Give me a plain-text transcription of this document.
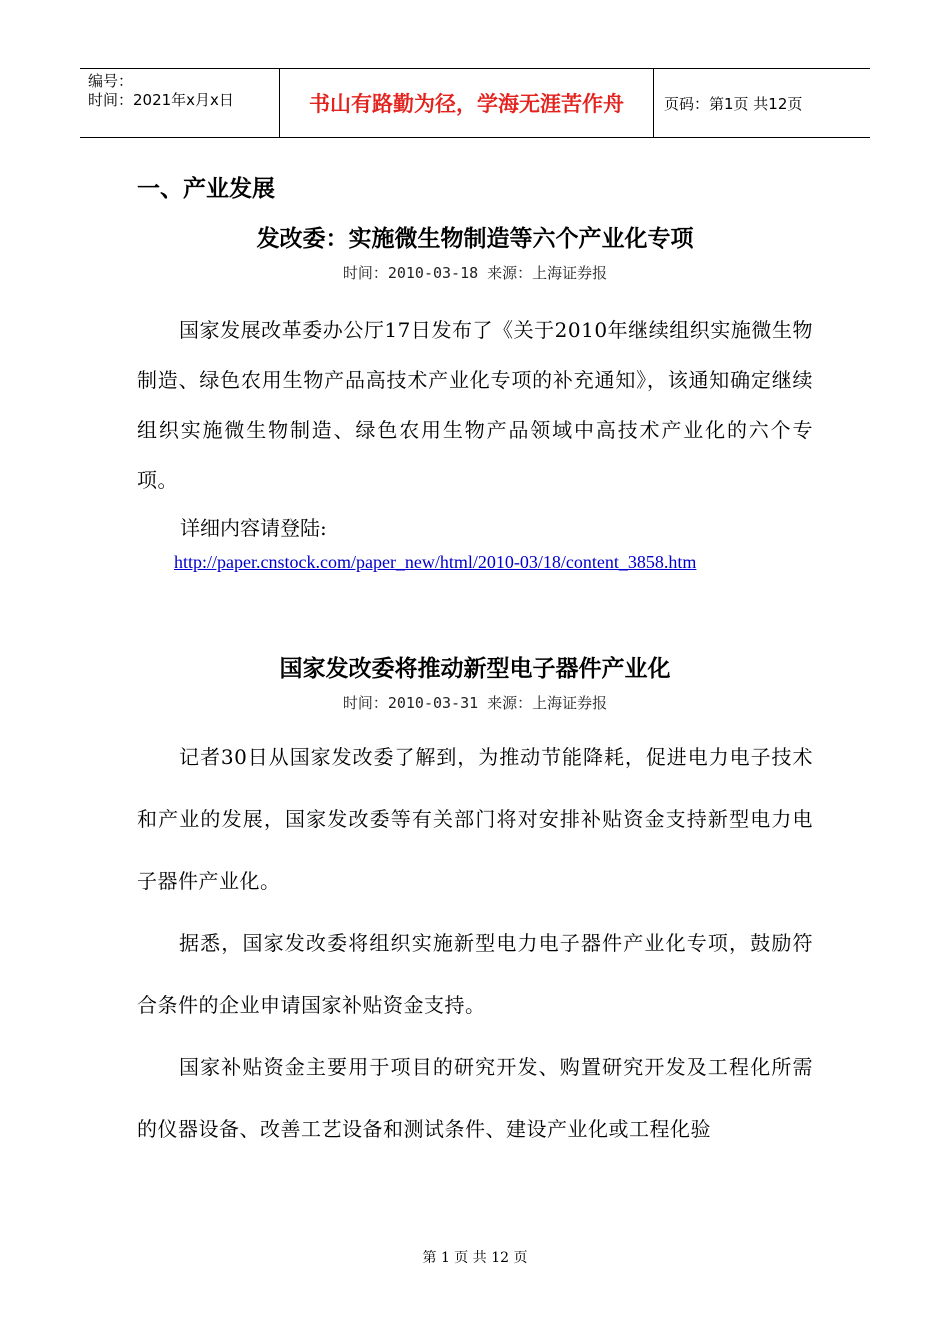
编号：
时间：2021年x月x日	书山有路勤为径，学海无涯苦作舟	页码：第1页 共12页
一、产业发展
发改委：实施微生物制造等六个产业化专项
时间：2010-03-18 来源：上海证券报

国家发展改革委办公厅17日发布了《关于2010年继续组织实施微生物制造、绿色农用生物产品高技术产业化专项的补充通知》，该通知确定继续组织实施微生物制造、绿色农用生物产品领域中高技术产业化的六个专项。

详细内容请登陆:
http://paper.cnstock.com/paper_new/html/2010-03/18/content_3858.htm
国家发改委将推动新型电子器件产业化
时间：2010-03-31 来源：上海证券报

记者30日从国家发改委了解到，为推动节能降耗，促进电力电子技术和产业的发展，国家发改委等有关部门将对安排补贴资金支持新型电力电子器件产业化。

据悉，国家发改委将组织实施新型电力电子器件产业化专项，鼓励符合条件的企业申请国家补贴资金支持。

国家补贴资金主要用于项目的研究开发、购置研究开发及工程化所需的仪器设备、改善工艺设备和测试条件、建设产业化或工程化验

第 1 页 共 12 页
